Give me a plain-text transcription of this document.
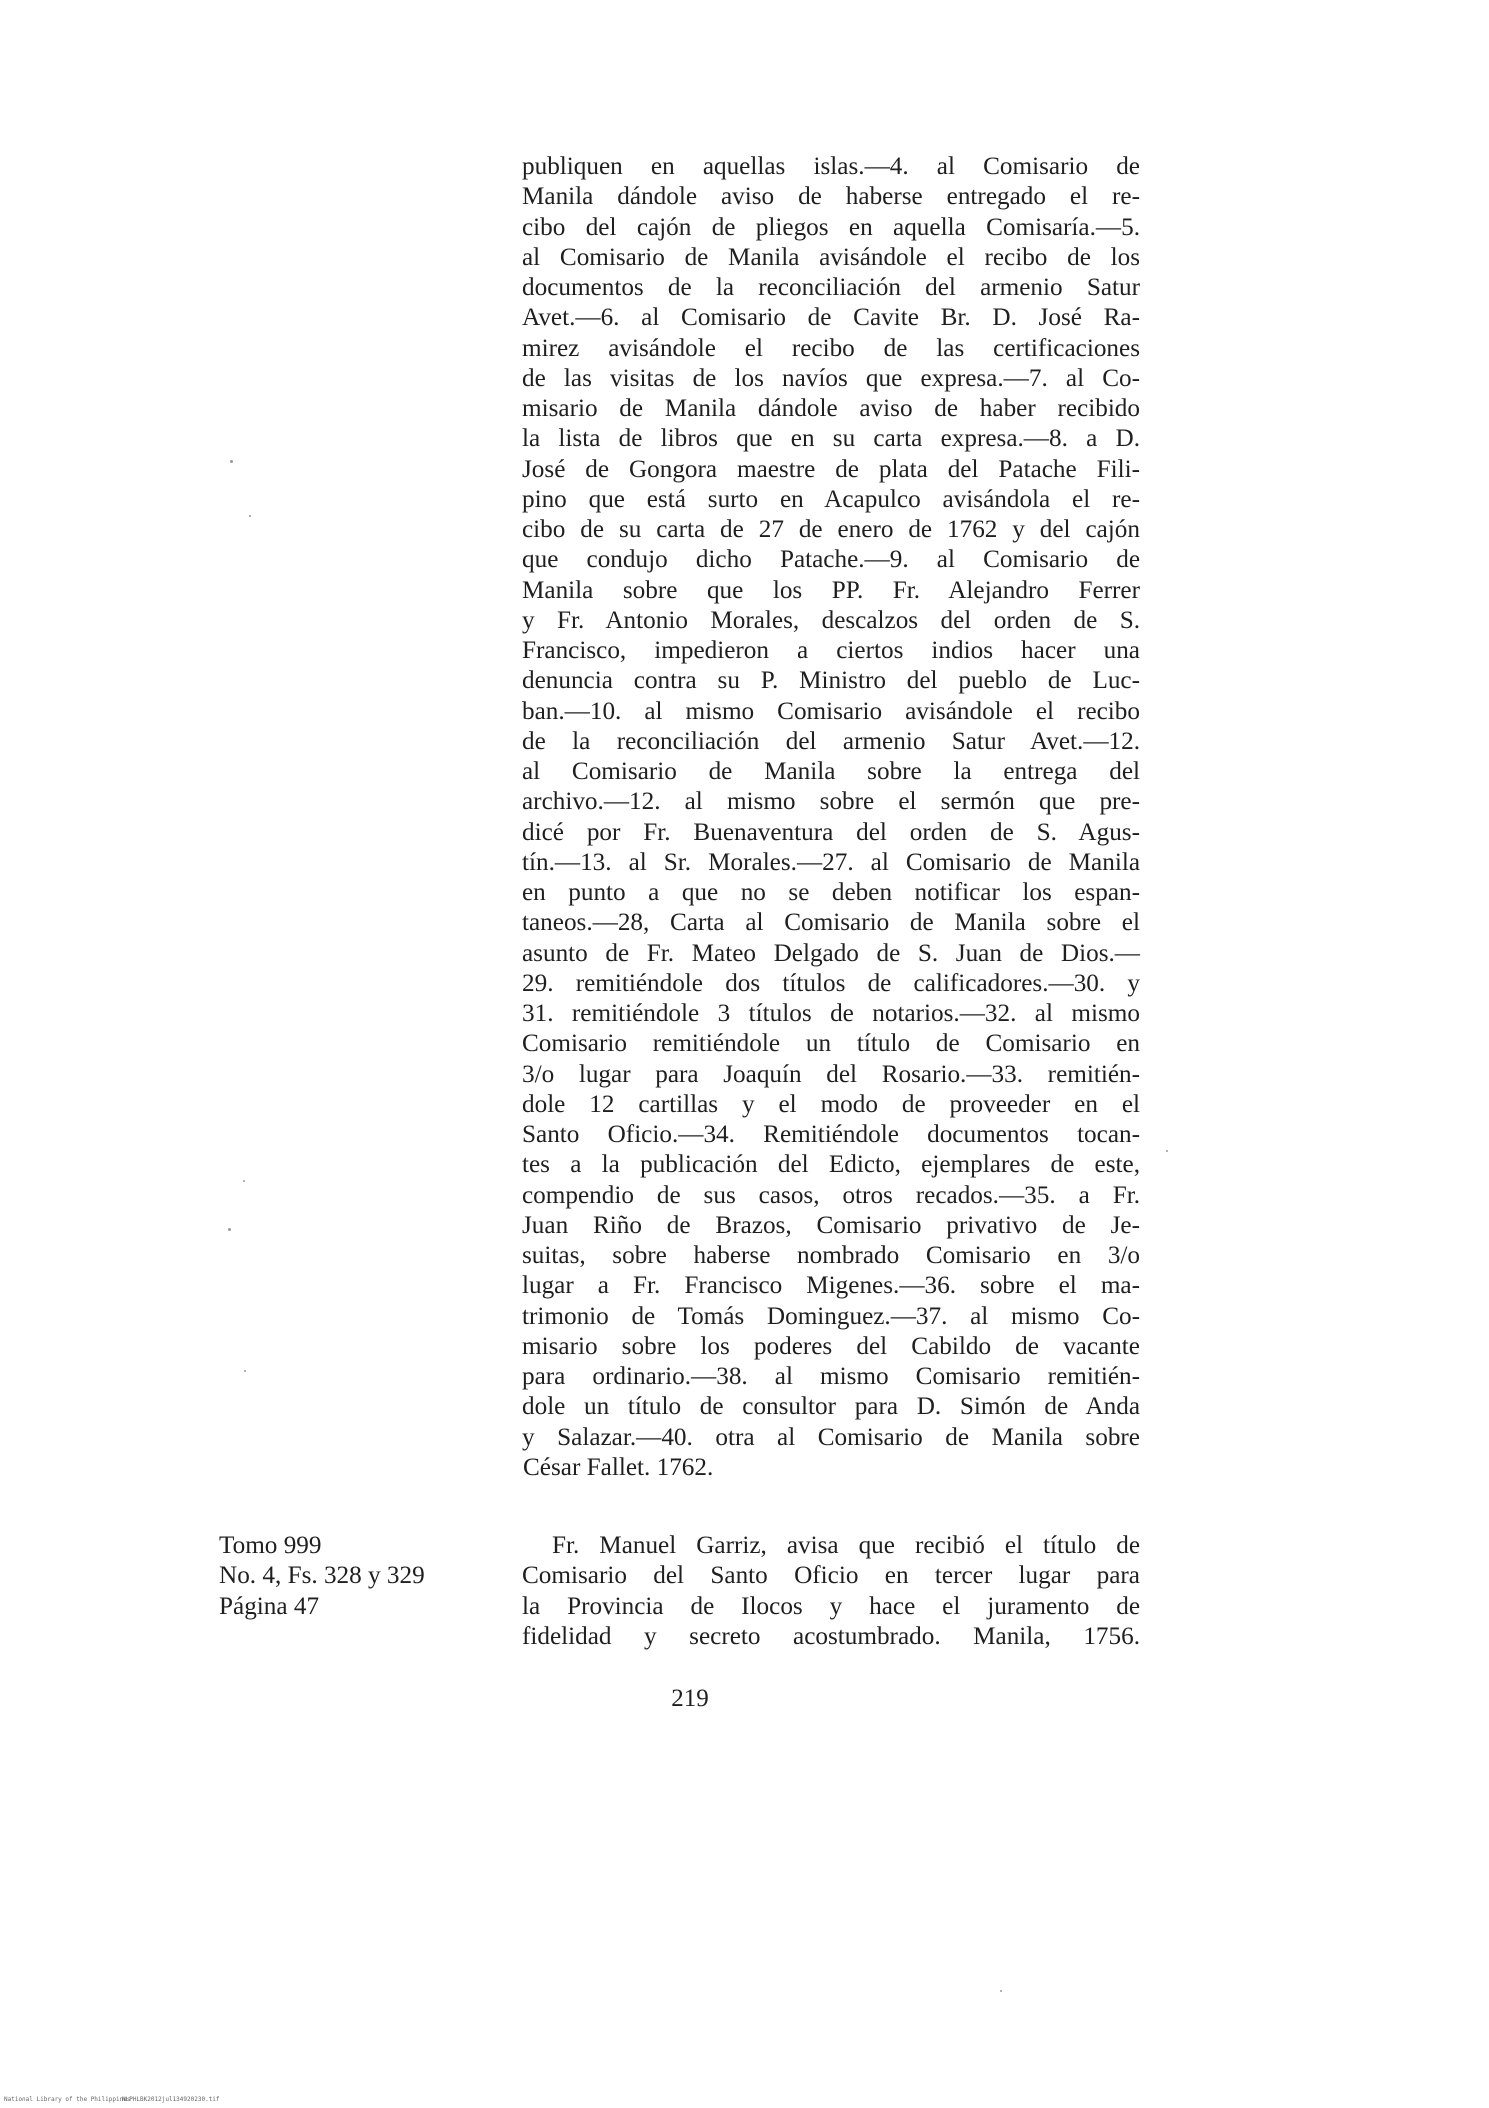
publiquen en aquellas islas.—4. al Comisario de
Manila dándole aviso de haberse entregado el re-
cibo del cajón de pliegos en aquella Comisaría.—5.
al Comisario de Manila avisándole el recibo de los
documentos de la reconciliación del armenio Satur
Avet.—6. al Comisario de Cavite Br. D. José Ra-
mirez avisándole el recibo de las certificaciones
de las visitas de los navíos que expresa.—7. al Co-
misario de Manila dándole aviso de haber recibido
la lista de libros que en su carta expresa.—8. a D.
José de Gongora maestre de plata del Patache Fili-
pino que está surto en Acapulco avisándola el re-
cibo de su carta de 27 de enero de 1762 y del cajón
que condujo dicho Patache.—9. al Comisario de
Manila sobre que los PP. Fr. Alejandro Ferrer
y Fr. Antonio Morales, descalzos del orden de S.
Francisco, impedieron a ciertos indios hacer una
denuncia contra su P. Ministro del pueblo de Luc-
ban.—10. al mismo Comisario avisándole el recibo
de la reconciliación del armenio Satur Avet.—12.
al Comisario de Manila sobre la entrega del
archivo.—12. al mismo sobre el sermón que pre-
dicé por Fr. Buenaventura del orden de S. Agus-
tín.—13. al Sr. Morales.—27. al Comisario de Manila
en punto a que no se deben notificar los espan-
taneos.—28, Carta al Comisario de Manila sobre el
asunto de Fr. Mateo Delgado de S. Juan de Dios.—
29. remitiéndole dos títulos de calificadores.—30. y
31. remitiéndole 3 títulos de notarios.—32. al mismo
Comisario remitiéndole un título de Comisario en
3/o lugar para Joaquín del Rosario.—33. remitién-
dole 12 cartillas y el modo de proveeder en el
Santo Oficio.—34. Remitiéndole documentos tocan-
tes a la publicación del Edicto, ejemplares de este,
compendio de sus casos, otros recados.—35. a Fr.
Juan Riño de Brazos, Comisario privativo de Je-
suitas, sobre haberse nombrado Comisario en 3/o
lugar a Fr. Francisco Migenes.—36. sobre el ma-
trimonio de Tomás Dominguez.—37. al mismo Co-
misario sobre los poderes del Cabildo de vacante
para ordinario.—38. al mismo Comisario remitién-
dole un título de consultor para D. Simón de Anda
y Salazar.—40. otra al Comisario de Manila sobre
César Fallet. 1762.
Tomo 999
No. 4, Fs. 328 y 329
Página 47
Fr. Manuel Garriz, avisa que recibió el título de
Comisario del Santo Oficio en tercer lugar para
la Provincia de Ilocos y hace el juramento de
fidelidad y secreto acostumbrado. Manila, 1756.
219
National Library of the Philippines
NLPHLBK2012jul134920230.tif
